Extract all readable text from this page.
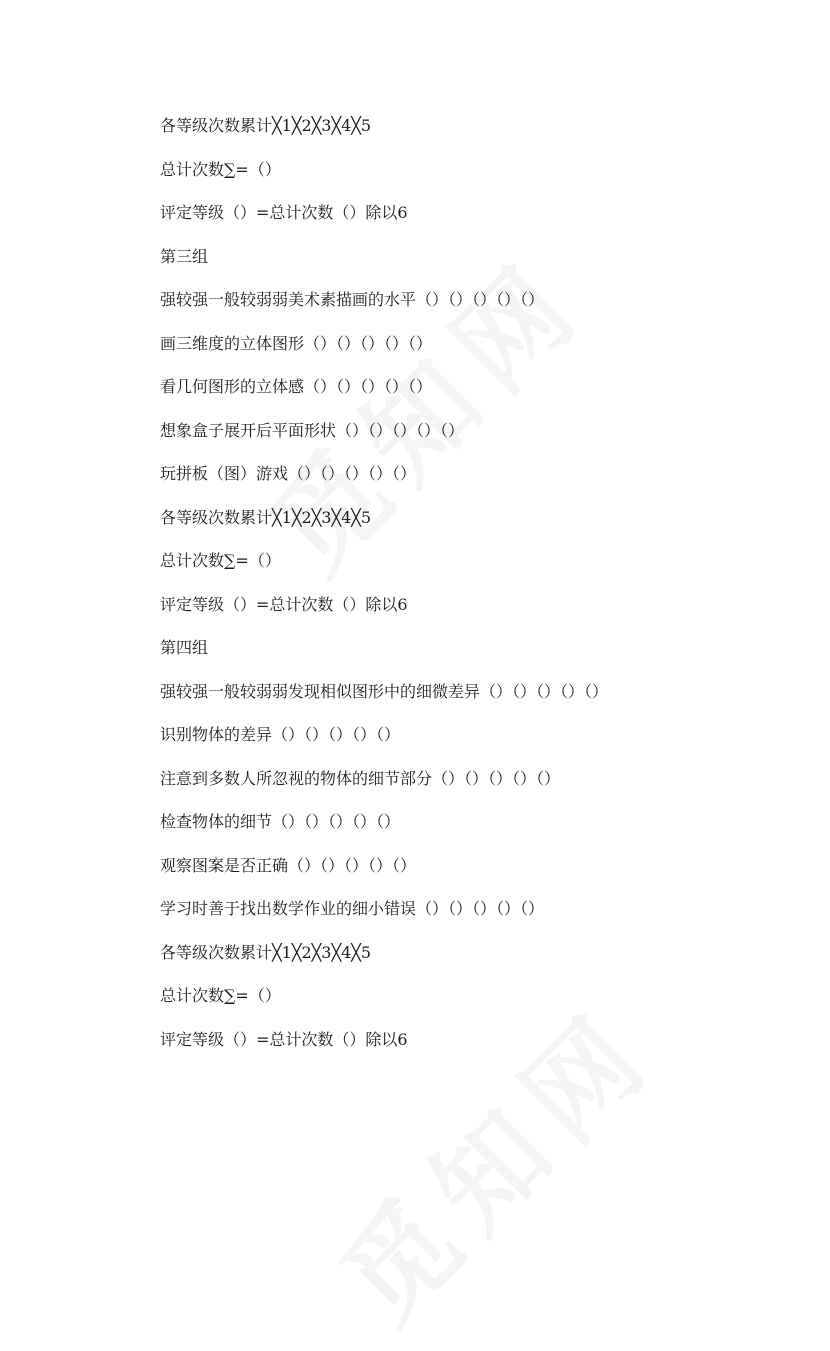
各等级次数累计╳1╳2╳3╳4╳5
总计次数∑=（）
评定等级（）=总计次数（）除以6
第三组
强较强一般较弱弱美术素描画的水平（）（）（）（）（）
画三维度的立体图形（）（）（）（）（）
看几何图形的立体感（）（）（）（）（）
想象盒子展开后平面形状（）（）（）（）（）
玩拼板（图）游戏（）（）（）（）（）
各等级次数累计╳1╳2╳3╳4╳5
总计次数∑=（）
评定等级（）=总计次数（）除以6
第四组
强较强一般较弱弱发现相似图形中的细微差异（）（）（）（）（）
识别物体的差异（）（）（）（）（）
注意到多数人所忽视的物体的细节部分（）（）（）（）（）
检查物体的细节（）（）（）（）（）
观察图案是否正确（）（）（）（）（）
学习时善于找出数学作业的细小错误（）（）（）（）（）
各等级次数累计╳1╳2╳3╳4╳5
总计次数∑=（）
评定等级（）=总计次数（）除以6
